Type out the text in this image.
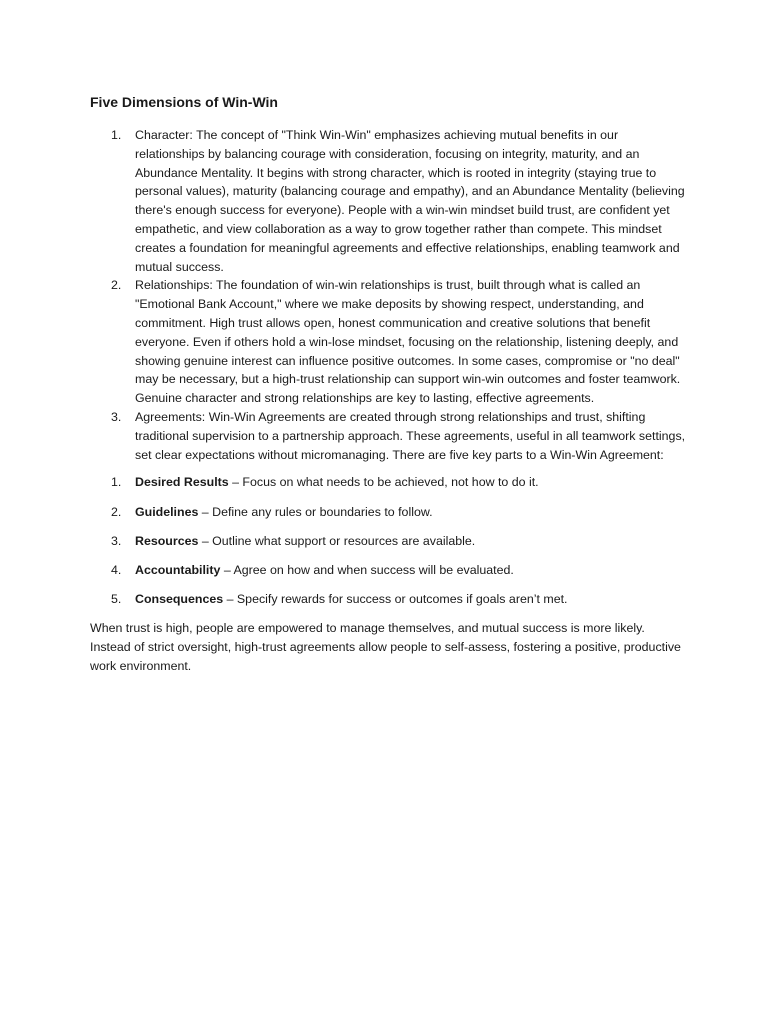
Five Dimensions of Win-Win
1. Character: The concept of "Think Win-Win" emphasizes achieving mutual benefits in our relationships by balancing courage with consideration, focusing on integrity, maturity, and an Abundance Mentality. It begins with strong character, which is rooted in integrity (staying true to personal values), maturity (balancing courage and empathy), and an Abundance Mentality (believing there's enough success for everyone). People with a win-win mindset build trust, are confident yet empathetic, and view collaboration as a way to grow together rather than compete. This mindset creates a foundation for meaningful agreements and effective relationships, enabling teamwork and mutual success.
2. Relationships: The foundation of win-win relationships is trust, built through what is called an "Emotional Bank Account," where we make deposits by showing respect, understanding, and commitment. High trust allows open, honest communication and creative solutions that benefit everyone. Even if others hold a win-lose mindset, focusing on the relationship, listening deeply, and showing genuine interest can influence positive outcomes. In some cases, compromise or "no deal" may be necessary, but a high-trust relationship can support win-win outcomes and foster teamwork. Genuine character and strong relationships are key to lasting, effective agreements.
3. Agreements: Win-Win Agreements are created through strong relationships and trust, shifting traditional supervision to a partnership approach. These agreements, useful in all teamwork settings, set clear expectations without micromanaging. There are five key parts to a Win-Win Agreement:
1. Desired Results – Focus on what needs to be achieved, not how to do it.
2. Guidelines – Define any rules or boundaries to follow.
3. Resources – Outline what support or resources are available.
4. Accountability – Agree on how and when success will be evaluated.
5. Consequences – Specify rewards for success or outcomes if goals aren’t met.

When trust is high, people are empowered to manage themselves, and mutual success is more likely. Instead of strict oversight, high-trust agreements allow people to self-assess, fostering a positive, productive work environment.
